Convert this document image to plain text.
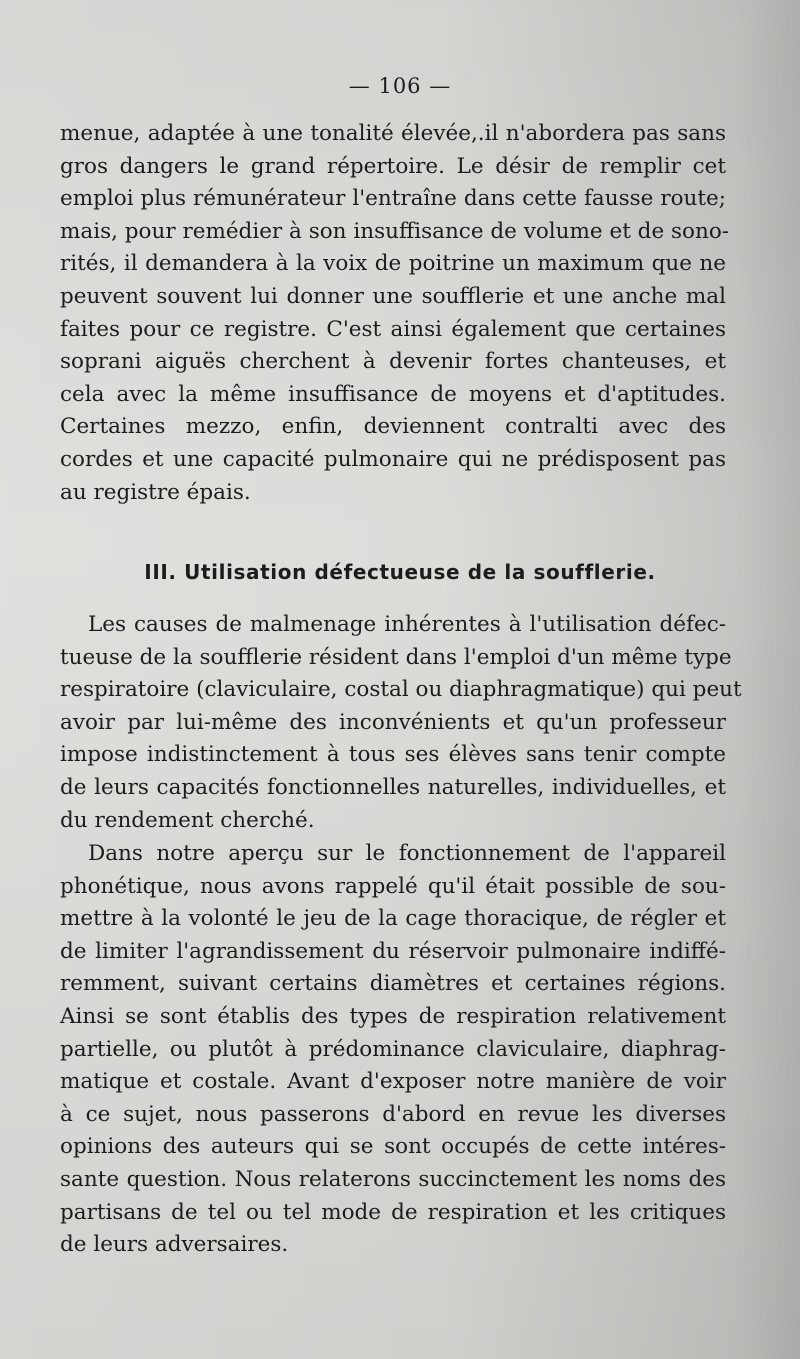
— 106 —
menue, adaptée à une tonalité élevée,.il n'abordera pas sans
gros dangers le grand répertoire. Le désir de remplir cet
emploi plus rémunérateur l'entraîne dans cette fausse route;
mais, pour remédier à son insuffisance de volume et de sono-
rités, il demandera à la voix de poitrine un maximum que ne
peuvent souvent lui donner une soufflerie et une anche mal
faites pour ce registre. C'est ainsi également que certaines
soprani aiguës cherchent à devenir fortes chanteuses, et
cela avec la même insuffisance de moyens et d'aptitudes.
Certaines mezzo, enfin, deviennent contralti avec des
cordes et une capacité pulmonaire qui ne prédisposent pas
au registre épais.
III. Utilisation défectueuse de la soufflerie.
Les causes de malmenage inhérentes à l'utilisation défec-
tueuse de la soufflerie résident dans l'emploi d'un même type
respiratoire (claviculaire, costal ou diaphragmatique) qui peut
avoir par lui-même des inconvénients et qu'un professeur
impose indistinctement à tous ses élèves sans tenir compte
de leurs capacités fonctionnelles naturelles, individuelles, et
du rendement cherché.
Dans notre aperçu sur le fonctionnement de l'appareil
phonétique, nous avons rappelé qu'il était possible de sou-
mettre à la volonté le jeu de la cage thoracique, de régler et
de limiter l'agrandissement du réservoir pulmonaire indiffé-
remment, suivant certains diamètres et certaines régions.
Ainsi se sont établis des types de respiration relativement
partielle, ou plutôt à prédominance claviculaire, diaphrag-
matique et costale. Avant d'exposer notre manière de voir
à ce sujet, nous passerons d'abord en revue les diverses
opinions des auteurs qui se sont occupés de cette intéres-
sante question. Nous relaterons succinctement les noms des
partisans de tel ou tel mode de respiration et les critiques
de leurs adversaires.
